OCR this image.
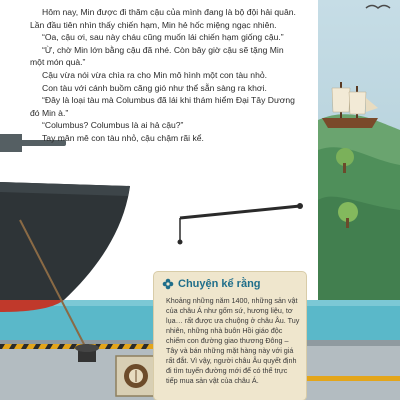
Hôm nay, Min được đi thăm cậu của mình đang là bộ đội hải quân. Lần đầu tiên nhìn thấy chiến hạm, Min hẻ hốc miệng ngạc nhiên.

“Oa, cậu ơi, sau này cháu cũng muốn lái chiến hạm giống cậu.”

“Ừ, chờ Min lớn bằng cậu đã nhé. Còn bây giờ cậu sẽ tặng Min một món quà.”

Cậu vừa nói vừa chìa ra cho Min mô hình một con tàu nhỏ.

Con tàu với cánh buồm căng gió như thể sẵn sàng ra khơi.

“Đây là loại tàu mà Columbus đã lái khi thám hiểm Đại Tây Dương đó Min à.”

“Columbus? Columbus là ai hả cậu?”

Tay mân mê con tàu nhỏ, cậu chậm rãi kể.

Chuyện kể rằng
Khoảng những năm 1400, những sản vật của châu Á như gốm sứ, hương liệu, tơ lụa… rất được ưa chuộng ở châu Âu. Tuy nhiên, những nhà buôn Hồi giáo độc chiếm con đường giao thương Đông – Tây và bán những mặt hàng này với giá rất đắt. Vì vậy, người châu Âu quyết định đi tìm tuyến đường mới để có thể trực tiếp mua sản vật của châu Á.
